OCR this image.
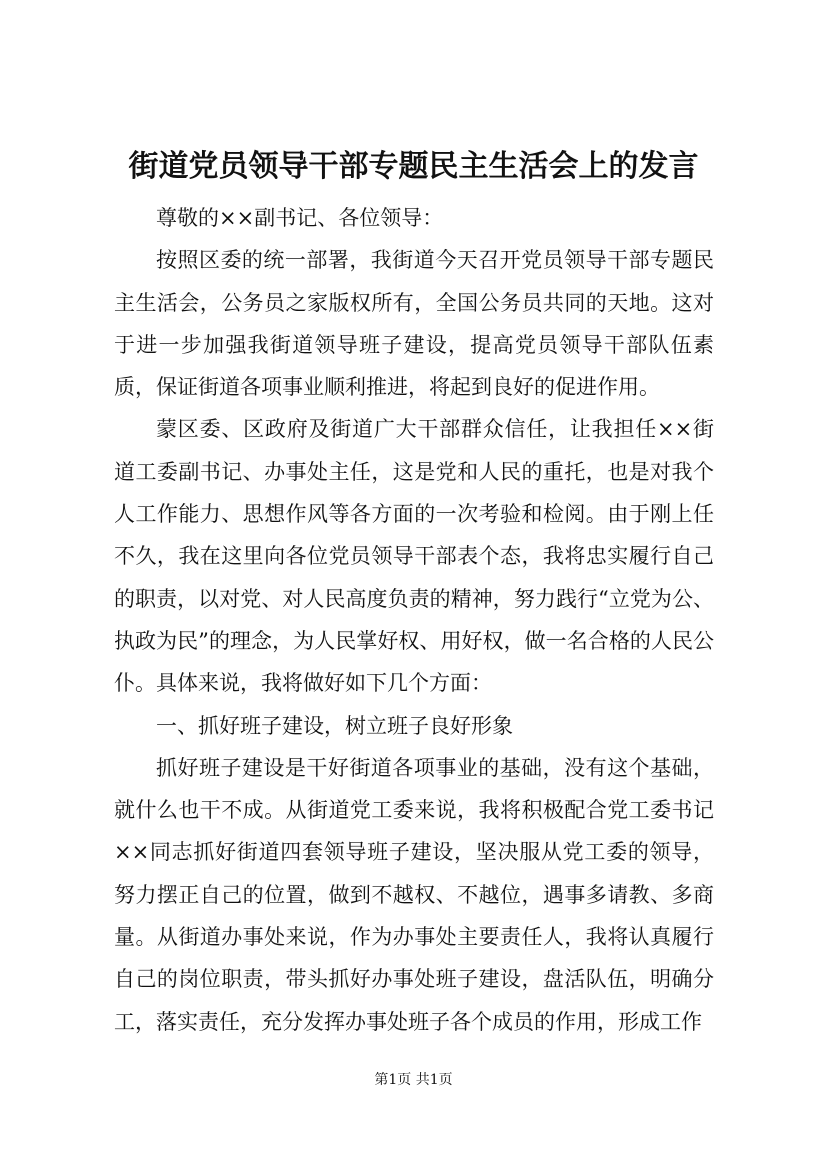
街道党员领导干部专题民主生活会上的发言

尊敬的××副书记、各位领导：

按照区委的统一部署，我街道今天召开党员领导干部专题民主生活会，公务员之家版权所有，全国公务员共同的天地。这对于进一步加强我街道领导班子建设，提高党员领导干部队伍素质，保证街道各项事业顺利推进，将起到良好的促进作用。

蒙区委、区政府及街道广大干部群众信任，让我担任××街道工委副书记、办事处主任，这是党和人民的重托，也是对我个人工作能力、思想作风等各方面的一次考验和检阅。由于刚上任不久，我在这里向各位党员领导干部表个态，我将忠实履行自己的职责，以对党、对人民高度负责的精神，努力践行“立党为公、执政为民”的理念，为人民掌好权、用好权，做一名合格的人民公仆。具体来说，我将做好如下几个方面：

一、抓好班子建设，树立班子良好形象

抓好班子建设是干好街道各项事业的基础，没有这个基础，就什么也干不成。从街道党工委来说，我将积极配合党工委书记××同志抓好街道四套领导班子建设，坚决服从党工委的领导，努力摆正自己的位置，做到不越权、不越位，遇事多请教、多商量。从街道办事处来说，作为办事处主要责任人，我将认真履行自己的岗位职责，带头抓好办事处班子建设，盘活队伍，明确分工，落实责任，充分发挥办事处班子各个成员的作用，形成工作

第1页 共1页
